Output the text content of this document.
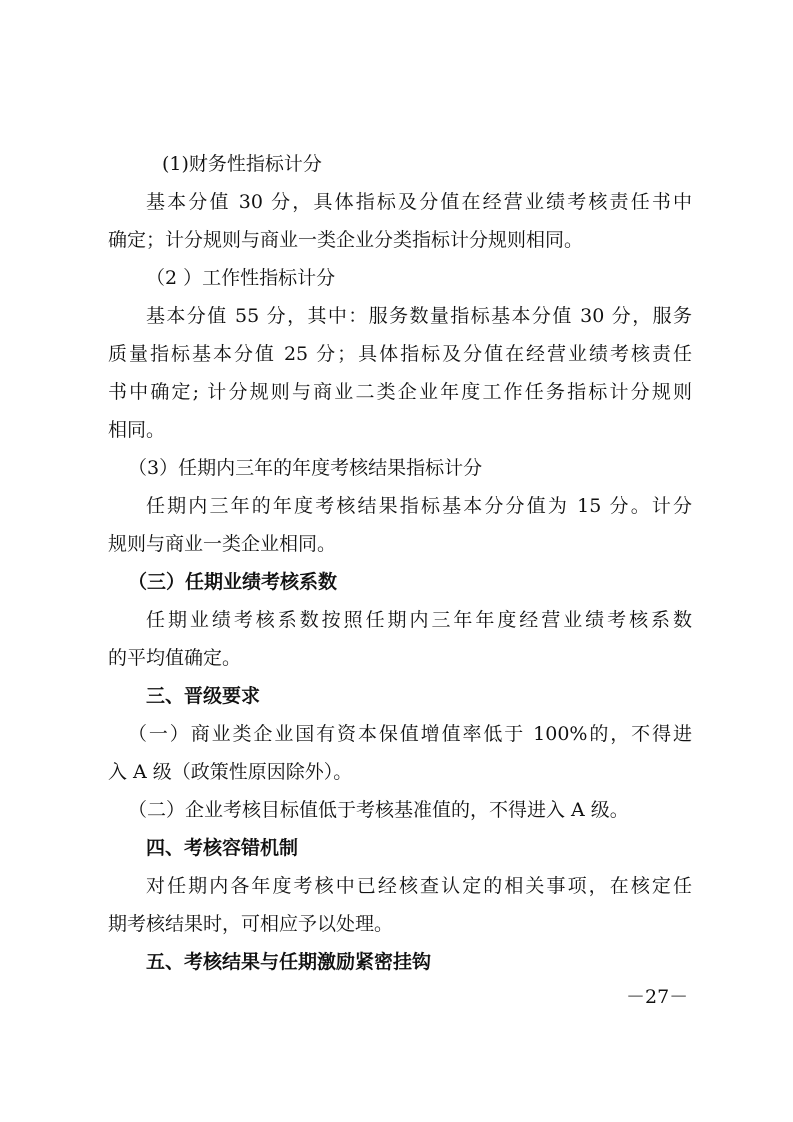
(1)财务性指标计分

基本分值 30 分，具体指标及分值在经营业绩考核责任书中

确定；计分规则与商业一类企业分类指标计分规则相同。

（2 ）工作性指标计分

基本分值 55 分，其中：服务数量指标基本分值 30 分，服务

质量指标基本分值 25 分；具体指标及分值在经营业绩考核责任

书中确定; 计分规则与商业二类企业年度工作任务指标计分规则

相同。

（3）任期内三年的年度考核结果指标计分

任期内三年的年度考核结果指标基本分分值为 15 分。计分

规则与商业一类企业相同。

（三）任期业绩考核系数

任期业绩考核系数按照任期内三年年度经营业绩考核系数

的平均值确定。

三、晋级要求

（一）商业类企业国有资本保值增值率低于 100%的，不得进

入 A 级（政策性原因除外）。

（二）企业考核目标值低于考核基准值的，不得进入 A 级。

四、考核容错机制

对任期内各年度考核中已经核查认定的相关事项，在核定任

期考核结果时，可相应予以处理。

五、考核结果与任期激励紧密挂钩

－27－
